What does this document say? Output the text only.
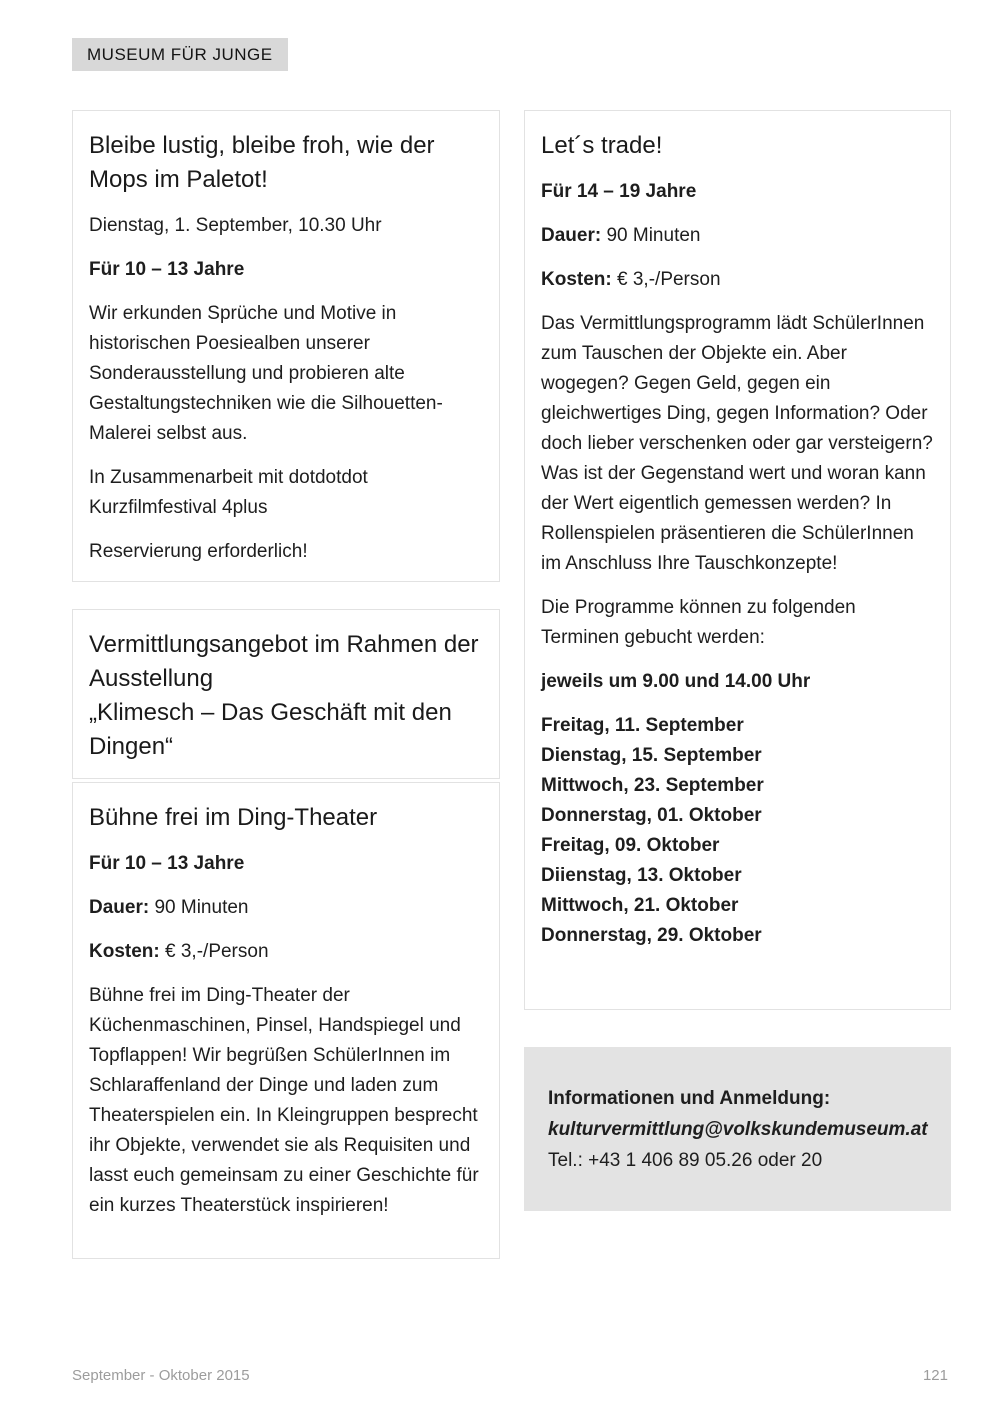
MUSEUM FÜR JUNGE
Bleibe lustig, bleibe froh, wie der Mops im Paletot!

Dienstag, 1. September, 10.30 Uhr

Für 10 – 13 Jahre

Wir erkunden Sprüche und Motive in historischen Poesiealben unserer Sonderausstellung und probieren alte Gestaltungstechniken wie die Silhouetten-Malerei selbst aus.

In Zusammenarbeit mit dotdotdot Kurzfilmfestival 4plus

Reservierung erforderlich!

Vermittlungsangebot im Rahmen der Ausstellung
„Klimesch – Das Geschäft mit den Dingen“
Bühne frei im Ding-Theater

Für 10 – 13 Jahre

Dauer: 90 Minuten

Kosten: € 3,-/Person

Bühne frei im Ding-Theater der Küchenmaschinen, Pinsel, Handspiegel und Topflappen! Wir begrüßen SchülerInnen im Schlaraffenland der Dinge und laden zum Theaterspielen ein. In Kleingruppen besprecht ihr Objekte, verwendet sie als Requisiten und lasst euch gemeinsam zu einer Geschichte für ein kurzes Theaterstück inspirieren!

Let´s trade!

Für 14 – 19 Jahre

Dauer: 90 Minuten

Kosten: € 3,-/Person

Das Vermittlungsprogramm lädt SchülerInnen zum Tauschen der Objekte ein. Aber wogegen? Gegen Geld, gegen ein gleichwertiges Ding, gegen Information? Oder doch lieber verschenken oder gar versteigern? Was ist der Gegenstand wert und woran kann der Wert eigentlich gemessen werden? In Rollenspielen präsentieren die SchülerInnen im Anschluss Ihre Tauschkonzepte!

Die Programme können zu folgenden Terminen gebucht werden:

jeweils um 9.00 und 14.00 Uhr

Freitag, 11. September
Dienstag, 15. September
Mittwoch, 23. September
Donnerstag, 01. Oktober
Freitag, 09. Oktober
Diienstag, 13. Oktober
Mittwoch, 21. Oktober
Donnerstag, 29. Oktober
Informationen und Anmeldung:
kulturvermittlung@volkskundemuseum.at
Tel.: +43 1 406 89 05.26 oder 20
September - Oktober 2015	121
